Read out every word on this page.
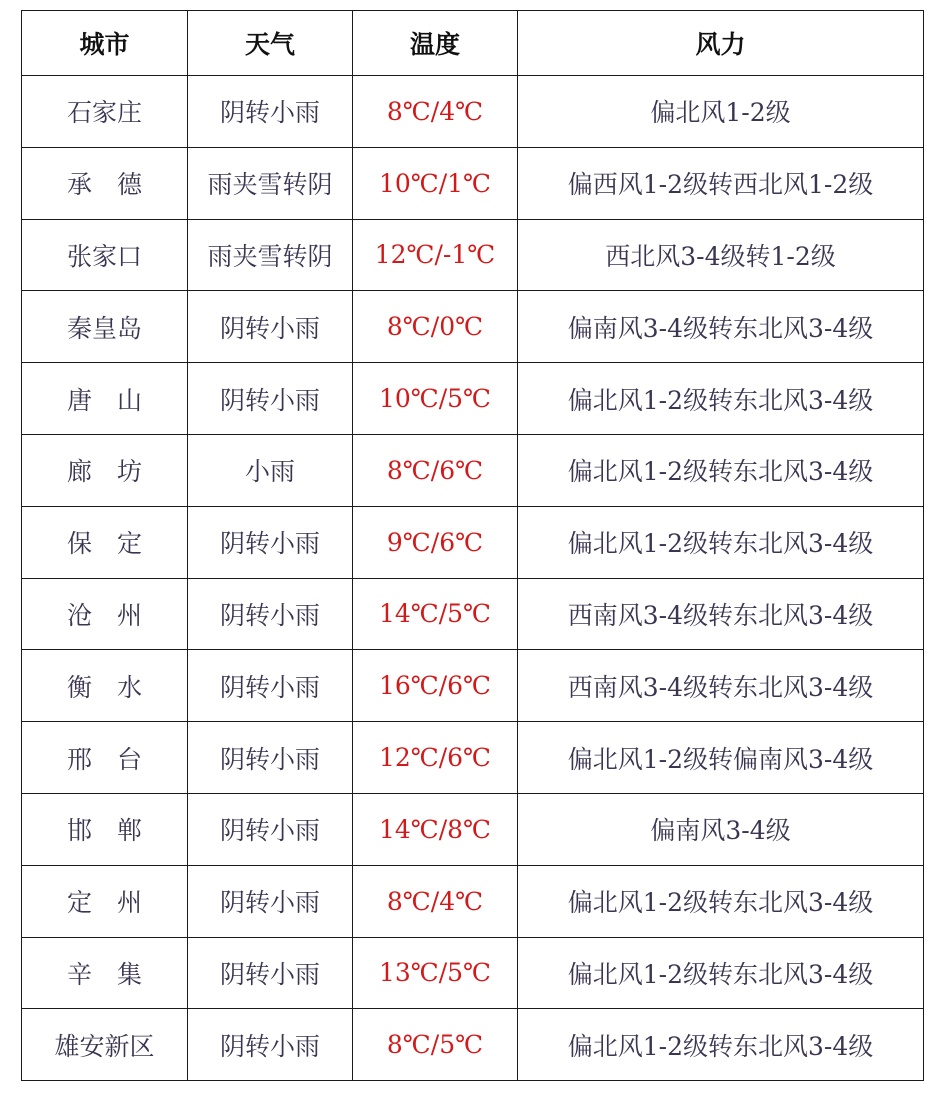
城市	天气	温度	风力
石家庄	阴转小雨	8℃/4℃	偏北风1-2级
承　德	雨夹雪转阴	10℃/1℃	偏西风1-2级转西北风1-2级
张家口	雨夹雪转阴	12℃/-1℃	西北风3-4级转1-2级
秦皇岛	阴转小雨	8℃/0℃	偏南风3-4级转东北风3-4级
唐　山	阴转小雨	10℃/5℃	偏北风1-2级转东北风3-4级
廊　坊	小雨	8℃/6℃	偏北风1-2级转东北风3-4级
保　定	阴转小雨	9℃/6℃	偏北风1-2级转东北风3-4级
沧　州	阴转小雨	14℃/5℃	西南风3-4级转东北风3-4级
衡　水	阴转小雨	16℃/6℃	西南风3-4级转东北风3-4级
邢　台	阴转小雨	12℃/6℃	偏北风1-2级转偏南风3-4级
邯　郸	阴转小雨	14℃/8℃	偏南风3-4级
定　州	阴转小雨	8℃/4℃	偏北风1-2级转东北风3-4级
辛　集	阴转小雨	13℃/5℃	偏北风1-2级转东北风3-4级
雄安新区	阴转小雨	8℃/5℃	偏北风1-2级转东北风3-4级
